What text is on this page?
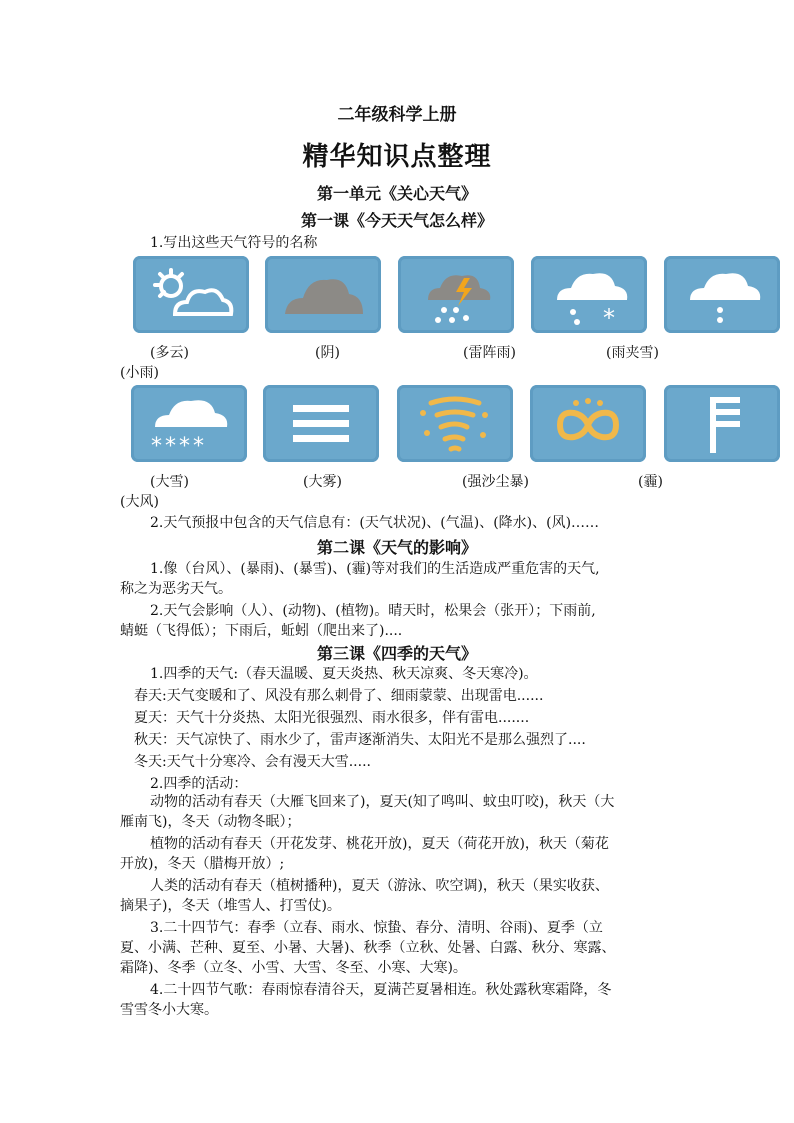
二年级科学上册
精华知识点整理
第一单元《关心天气》
第一课《今天天气怎么样》
1.写出这些天气符号的名称
*
(多云)	(阴)	(雷阵雨)	(雨夹雪)
(小雨)
****
(大雪)	(大雾)	(强沙尘暴)	(霾)
(大风)
2.天气预报中包含的天气信息有：(天气状况)、(气温)、(降水)、(风)……
第二课《天气的影响》
1.像（台风）、(暴雨)、(暴雪)、(霾)等对我们的生活造成严重危害的天气,
称之为恶劣天气。
2.天气会影响（人）、(动物)、(植物)。晴天时，松果会（张开）；下雨前,
蜻蜓（飞得低）；下雨后，蚯蚓（爬出来了)....
第三课《四季的天气》
1.四季的天气:（春天温暖、夏天炎热、秋天凉爽、冬天寒冷)。
春天:天气变暖和了、风没有那么刺骨了、细雨蒙蒙、出现雷电......
夏天：天气十分炎热、太阳光很强烈、雨水很多，伴有雷电.......
秋天：天气凉快了、雨水少了，雷声逐渐消失、太阳光不是那么强烈了....
冬天:天气十分寒冷、会有漫天大雪.....
2.四季的活动：
动物的活动有春天（大雁飞回来了)，夏天(知了鸣叫、蚊虫叮咬)，秋天（大
雁南飞)，冬天（动物冬眠）；
植物的活动有春天（开花发芽、桃花开放)，夏天（荷花开放)，秋天（菊花
开放)，冬天（腊梅开放）;
人类的活动有春天（植树播种)，夏天（游泳、吹空调)，秋天（果实收获、
摘果子)，冬天（堆雪人、打雪仗)。
3.二十四节气：春季（立春、雨水、惊蛰、春分、清明、谷雨)、夏季（立
夏、小满、芒种、夏至、小暑、大暑)、秋季（立秋、处暑、白露、秋分、寒露、
霜降)、冬季（立冬、小雪、大雪、冬至、小寒、大寒)。
4.二十四节气歌：春雨惊春清谷天，夏满芒夏暑相连。秋处露秋寒霜降，冬
雪雪冬小大寒。
